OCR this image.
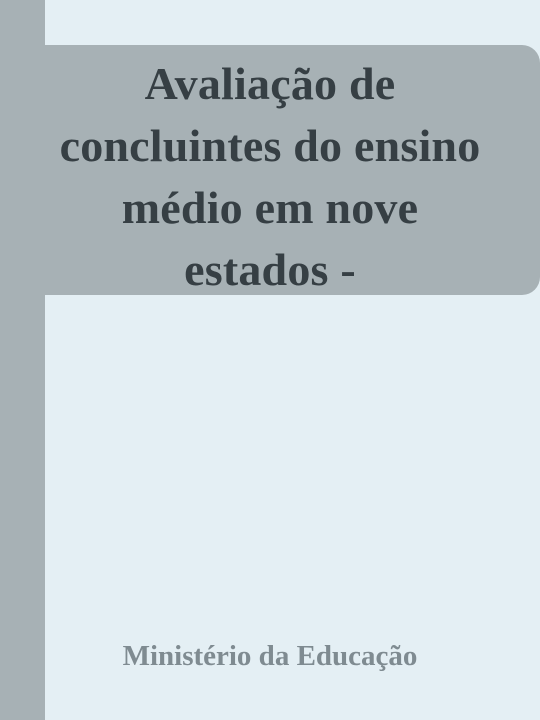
Avaliação de concluintes do ensino médio em nove estados -

Ministério da Educação
